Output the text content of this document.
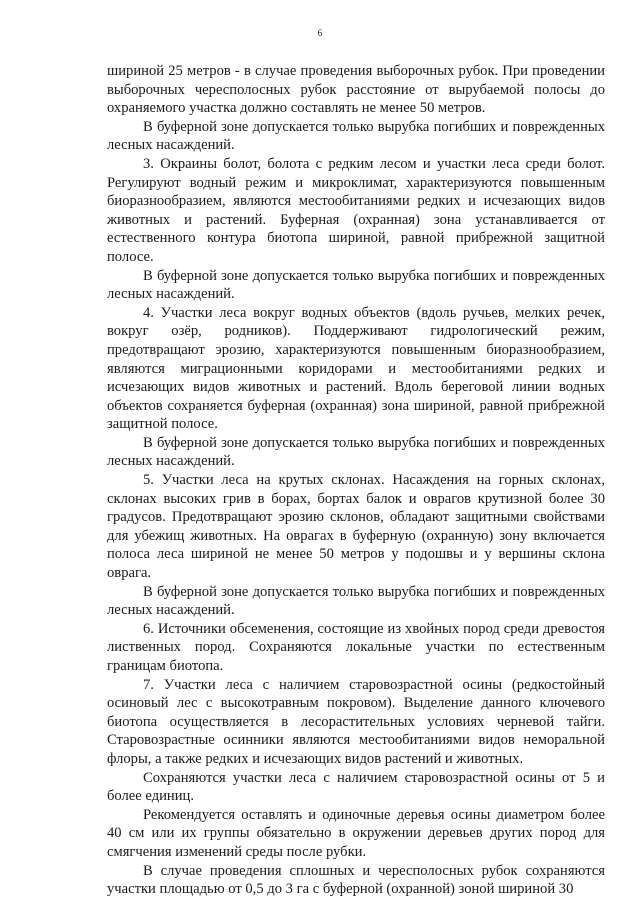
6

шириной 25 метров - в случае проведения выборочных рубок. При проведении выборочных чересполосных рубок расстояние от вырубаемой полосы до охраняемого участка должно составлять не менее 50 метров.

В буферной зоне допускается только вырубка погибших и поврежденных лесных насаждений.

3. Окраины болот, болота с редким лесом и участки леса среди болот. Регулируют водный режим и микроклимат, характеризуются повышенным биоразнообразием, являются местообитаниями редких и исчезающих видов животных и растений. Буферная (охранная) зона устанавливается от естественного контура биотопа шириной, равной прибрежной защитной полосе.

В буферной зоне допускается только вырубка погибших и поврежденных лесных насаждений.

4. Участки леса вокруг водных объектов (вдоль ручьев, мелких речек, вокруг озёр, родников). Поддерживают гидрологический режим, предотвращают эрозию, характеризуются повышенным биоразнообразием, являются миграционными коридорами и местообитаниями редких и исчезающих видов животных и растений. Вдоль береговой линии водных объектов сохраняется буферная (охранная) зона шириной, равной прибрежной защитной полосе.

В буферной зоне допускается только вырубка погибших и поврежденных лесных насаждений.

5. Участки леса на крутых склонах. Насаждения на горных склонах, склонах высоких грив в борах, бортах балок и оврагов крутизной более 30 градусов. Предотвращают эрозию склонов, обладают защитными свойствами для убежищ животных. На оврагах в буферную (охранную) зону включается полоса леса шириной не менее 50 метров у подошвы и у вершины склона оврага.

В буферной зоне допускается только вырубка погибших и поврежденных лесных насаждений.

6. Источники обсеменения, состоящие из хвойных пород среди древостоя лиственных пород. Сохраняются локальные участки по естественным границам биотопа.

7. Участки леса с наличием старовозрастной осины (редкостойный осиновый лес с высокотравным покровом). Выделение данного ключевого биотопа осуществляется в лесорастительных условиях черневой тайги. Старовозрастные осинники являются местообитаниями видов неморальной флоры, а также редких и исчезающих видов растений и животных.

Сохраняются участки леса с наличием старовозрастной осины от 5 и более единиц.

Рекомендуется оставлять и одиночные деревья осины диаметром более 40 см или их группы обязательно в окружении деревьев других пород для смягчения изменений среды после рубки.

В случае проведения сплошных и чересполосных рубок сохраняются участки площадью от 0,5 до 3 га с буферной (охранной) зоной шириной 30
